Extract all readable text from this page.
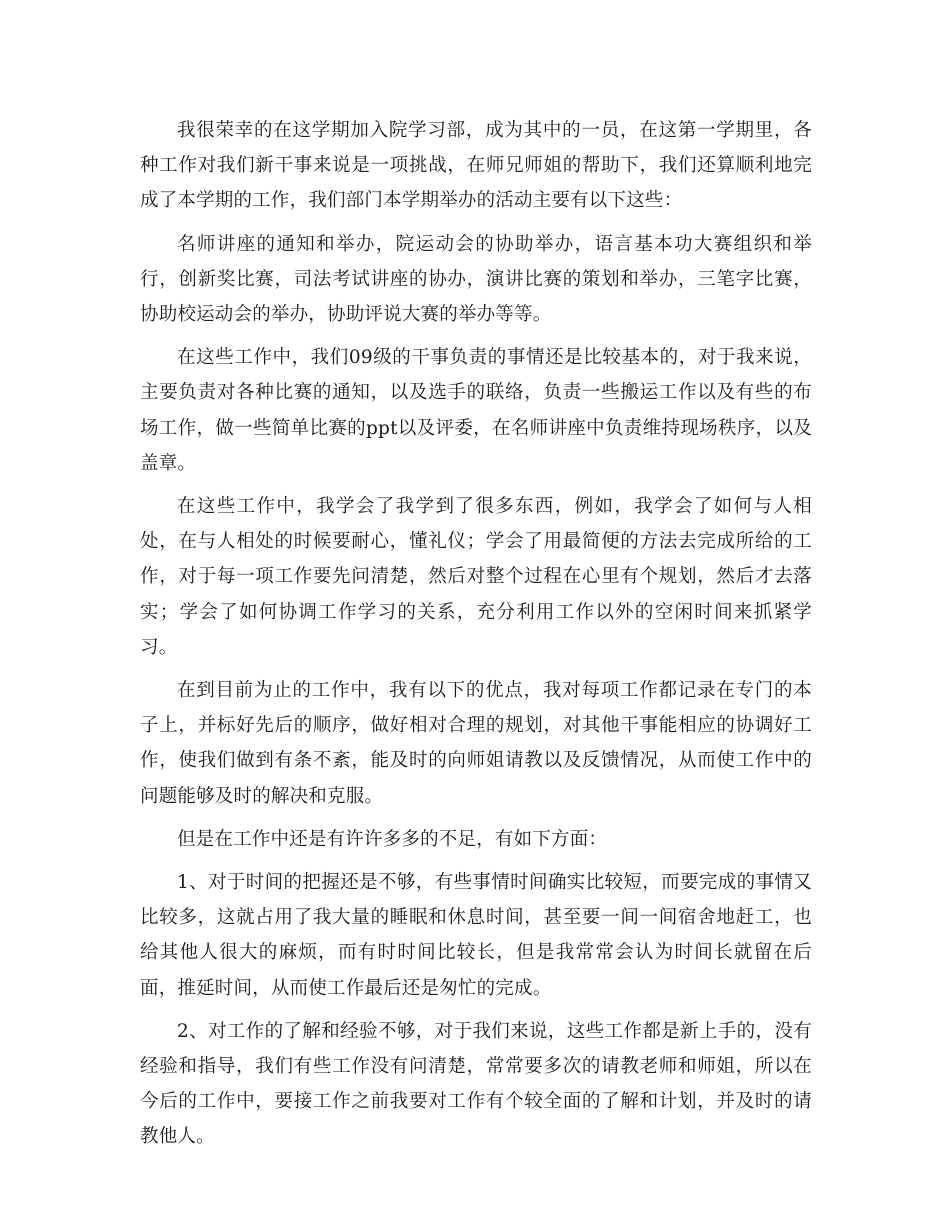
我很荣幸的在这学期加入院学习部，成为其中的一员，在这第一学期里，各种工作对我们新干事来说是一项挑战，在师兄师姐的帮助下，我们还算顺利地完成了本学期的工作，我们部门本学期举办的活动主要有以下这些：

名师讲座的通知和举办，院运动会的协助举办，语言基本功大赛组织和举行，创新奖比赛，司法考试讲座的协办，演讲比赛的策划和举办，三笔字比赛，协助校运动会的举办，协助评说大赛的举办等等。

在这些工作中，我们09级的干事负责的事情还是比较基本的，对于我来说，主要负责对各种比赛的通知，以及选手的联络，负责一些搬运工作以及有些的布场工作，做一些简单比赛的ppt以及评委，在名师讲座中负责维持现场秩序，以及盖章。

在这些工作中，我学会了我学到了很多东西，例如，我学会了如何与人相处，在与人相处的时候要耐心，懂礼仪；学会了用最简便的方法去完成所给的工作，对于每一项工作要先问清楚，然后对整个过程在心里有个规划，然后才去落实；学会了如何协调工作学习的关系，充分利用工作以外的空闲时间来抓紧学习。

在到目前为止的工作中，我有以下的优点，我对每项工作都记录在专门的本子上，并标好先后的顺序，做好相对合理的规划，对其他干事能相应的协调好工作，使我们做到有条不紊，能及时的向师姐请教以及反馈情况，从而使工作中的问题能够及时的解决和克服。

但是在工作中还是有许许多多的不足，有如下方面：

1、对于时间的把握还是不够，有些事情时间确实比较短，而要完成的事情又比较多，这就占用了我大量的睡眠和休息时间，甚至要一间一间宿舍地赶工，也给其他人很大的麻烦，而有时时间比较长，但是我常常会认为时间长就留在后面，推延时间，从而使工作最后还是匆忙的完成。

2、对工作的了解和经验不够，对于我们来说，这些工作都是新上手的，没有经验和指导，我们有些工作没有问清楚，常常要多次的请教老师和师姐，所以在今后的工作中，要接工作之前我要对工作有个较全面的了解和计划，并及时的请教他人。
